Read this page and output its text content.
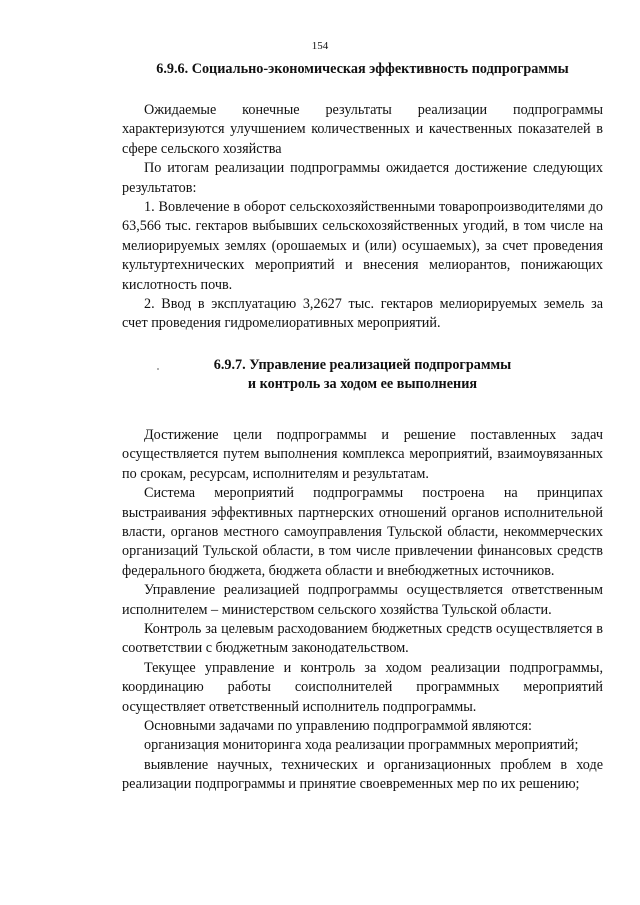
154
6.9.6. Социально-экономическая эффективность подпрограммы

Ожидаемые конечные результаты реализации подпрограммы характеризуются улучшением количественных и качественных показателей в сфере сельского хозяйства

По итогам реализации подпрограммы ожидается достижение следующих результатов:

1. Вовлечение в оборот сельскохозяйственными товаропроизводителями до 63,566 тыс. гектаров выбывших сельскохозяйственных угодий, в том числе на мелиорируемых землях (орошаемых и (или) осушаемых), за счет проведения культуртехнических мероприятий и внесения мелиорантов, понижающих кислотность почв.

2. Ввод в эксплуатацию 3,2627 тыс. гектаров мелиорируемых земель за счет проведения гидромелиоративных мероприятий.

6.9.7. Управление реализацией подпрограммы
и контроль за ходом ее выполнения

Достижение цели подпрограммы и решение поставленных задач осуществляется путем выполнения комплекса мероприятий, взаимоувязанных по срокам, ресурсам, исполнителям и результатам.

Система мероприятий подпрограммы построена на принципах выстраивания эффективных партнерских отношений органов исполнительной власти, органов местного самоуправления Тульской области, некоммерческих организаций Тульской области, в том числе привлечении финансовых средств федерального бюджета, бюджета области и внебюджетных источников.

Управление реализацией подпрограммы осуществляется ответственным исполнителем – министерством сельского хозяйства Тульской области.

Контроль за целевым расходованием бюджетных средств осуществляется в соответствии с бюджетным законодательством.

Текущее управление и контроль за ходом реализации подпрограммы, координацию работы соисполнителей программных мероприятий осуществляет ответственный исполнитель подпрограммы.

Основными задачами по управлению подпрограммой являются:

организация мониторинга хода реализации программных мероприятий;

выявление научных, технических и организационных проблем в ходе реализации подпрограммы и принятие своевременных мер по их решению;
